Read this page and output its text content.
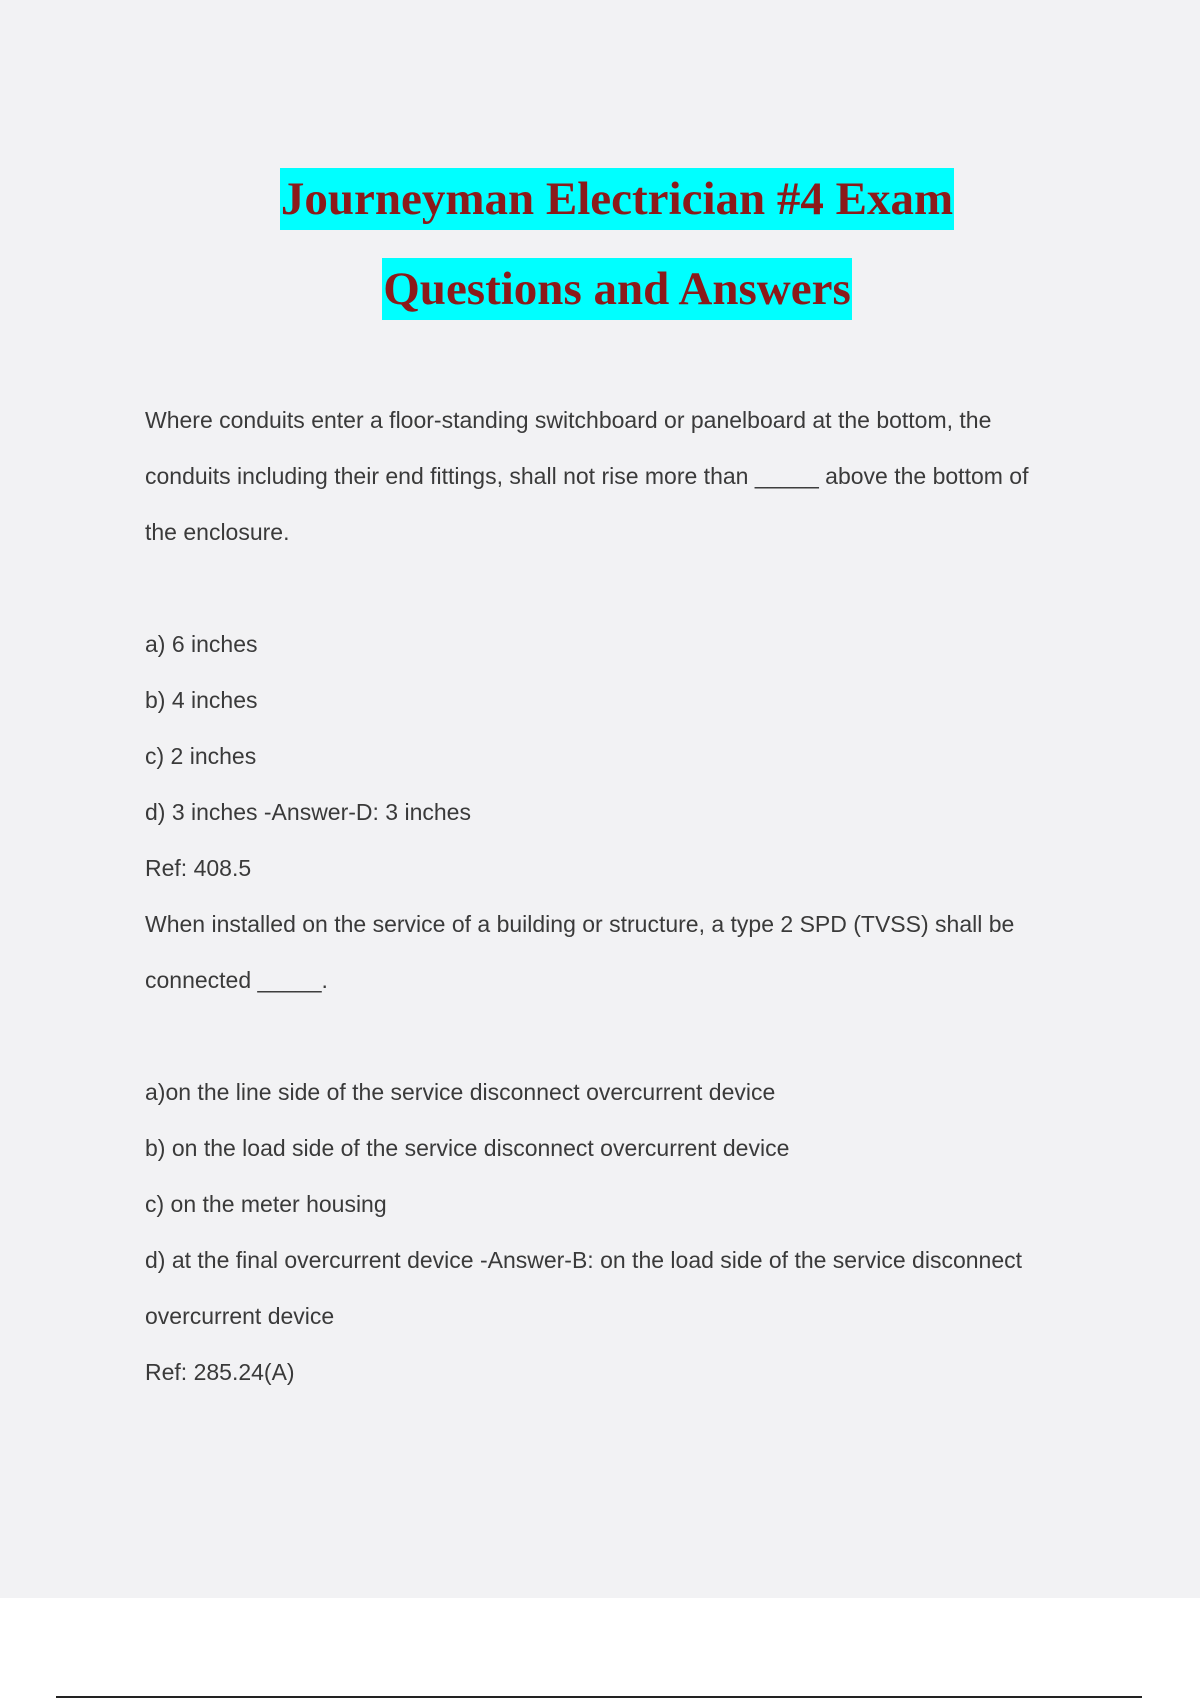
Journeyman Electrician #4 Exam
Questions and Answers
Where conduits enter a floor-standing switchboard or panelboard at the bottom, the
conduits including their end fittings, shall not rise more than _____ above the bottom of
the enclosure.
a) 6 inches
b) 4 inches
c) 2 inches
d) 3 inches -Answer-D: 3 inches
Ref: 408.5
When installed on the service of a building or structure, a type 2 SPD (TVSS) shall be
connected _____.
a)on the line side of the service disconnect overcurrent device
b) on the load side of the service disconnect overcurrent device
c) on the meter housing
d) at the final overcurrent device -Answer-B: on the load side of the service disconnect
overcurrent device
Ref: 285.24(A)
